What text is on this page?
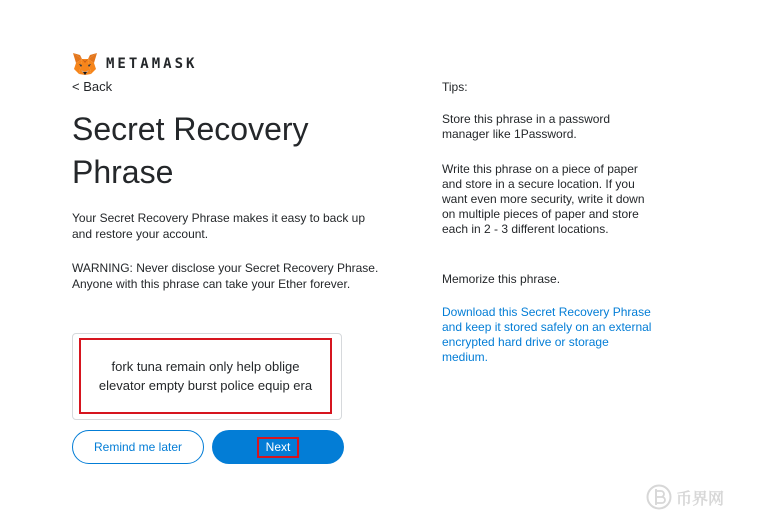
METAMASK
< Back
Secret Recovery Phrase

Your Secret Recovery Phrase makes it easy to back up and restore your account.

WARNING: Never disclose your Secret Recovery Phrase. Anyone with this phrase can take your Ether forever.

fork tuna remain only help oblige elevator empty burst police equip era
Remind me later	Next
Tips:

Store this phrase in a password manager like 1Password.

Write this phrase on a piece of paper and store in a secure location. If you want even more security, write it down on multiple pieces of paper and store each in 2 - 3 different locations.

Memorize this phrase.

Download this Secret Recovery Phrase and keep it stored safely on an external encrypted hard drive or storage medium.
币界网
